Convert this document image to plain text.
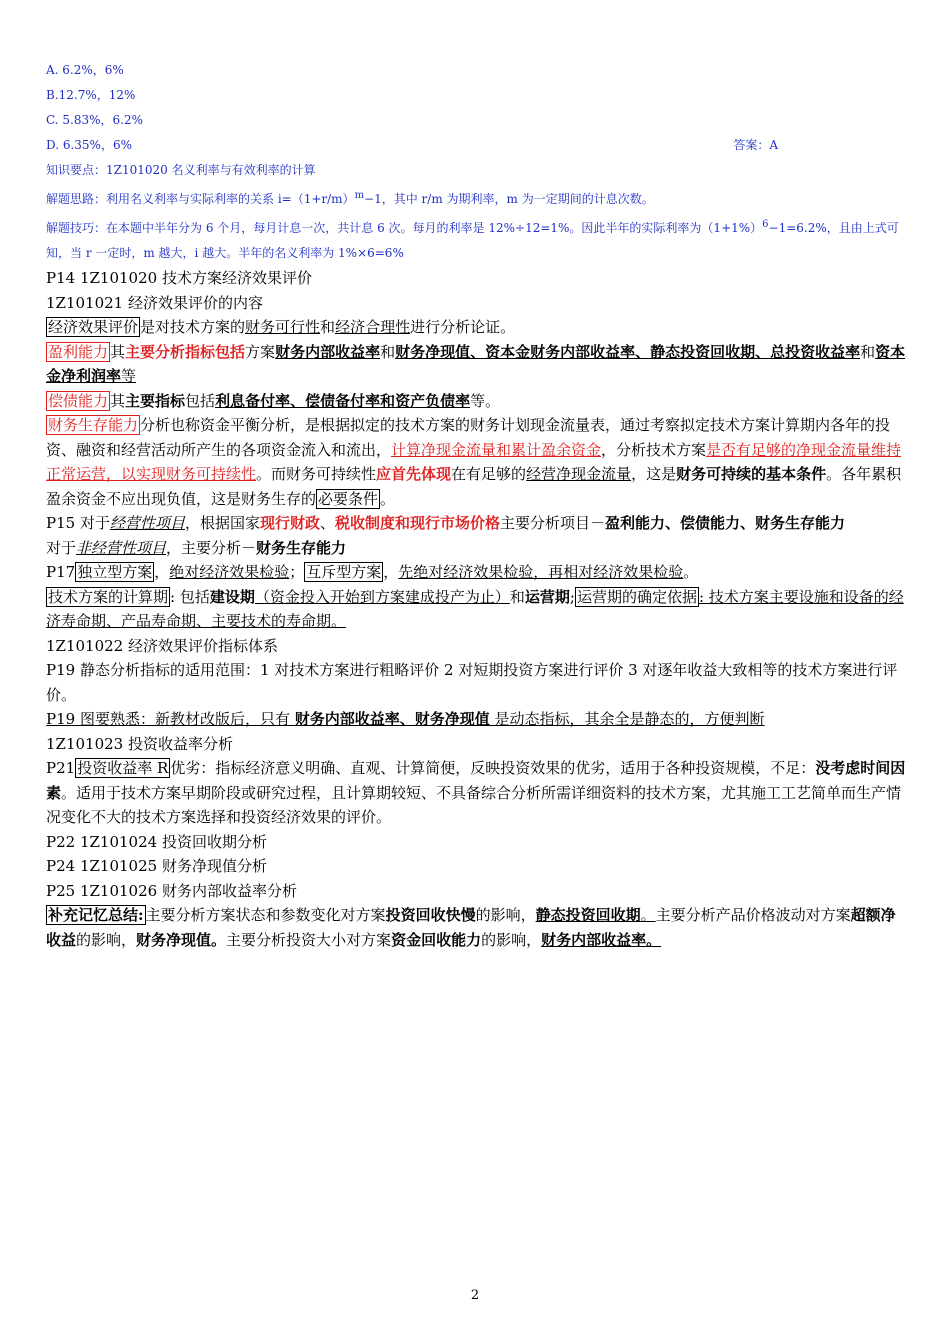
A. 6.2%，6%
B.12.7%，12%
C. 5.83%，6.2%
D. 6.35%，6%	答案：A
知识要点：1Z101020 名义利率与有效利率的计算
解题思路：利用名义利率与实际利率的关系 $i=(1+r/m)^m-1$，其中 r/m 为期利率，m 为一定期间的计息次数。
解题技巧：在本题中半年分为 6 个月，每月计息一次，共计息 6 次。每月的利率是 12%÷12=1%。因此半年的实际利率为$(1+1\%)^6-1=6.2\%$，且由上式可知，当 r 一定时，m 越大，i 越大。半年的名义利率为 1%×6=6%
P14 1Z101020 技术方案经济效果评价
1Z101021 经济效果评价的内容
经济效果评价 是对技术方案的财务可行性和经济合理性进行分析论证。
盈利能力 其主要分析指标包括方案财务内部收益率和财务净现值、资本金财务内部收益率、静态投资回收期、总投资收益率和资本金净利润率等
偿债能力 其主要指标包括利息备付率、偿债备付率和资产负债率等。
财务生存能力 分析也称资金平衡分析，是根据拟定的技术方案的财务计划现金流量表，通过考察拟定技术方案计算期内各年的投资、融资和经营活动所产生的各项资金流入和流出，计算净现金流量和累计盈余资金，分析技术方案是否有足够的净现金流量维持正常运营，以实现财务可持续性。而财务可持续性应首先体现在有足够的经营净现金流量，这是财务可持续的基本条件。各年累积盈余资金不应出现负值，这是财务生存的 必要条件 。
P15 对于经营性项目，根据国家现行财政、税收制度和现行市场价格主要分析项目－盈利能力、偿债能力、财务生存能力
对于非经营性项目，主要分析－财务生存能力
P17 独立型方案 ，绝对经济效果检验； 互斥型方案 ，先绝对经济效果检验，再相对经济效果检验。
技术方案的计算期 : 包括建设期（资金投入开始到方案建成投产为止）和运营期; 运营期的确定依据 : 技术方案主要设施和设备的经济寿命期、产品寿命期、主要技术的寿命期。
1Z101022 经济效果评价指标体系
P19 静态分析指标的适用范围：1 对技术方案进行粗略评价 2 对短期投资方案进行评价 3 对逐年收益大致相等的技术方案进行评价。
P19 图要熟悉：新教材改版后，只有 财务内部收益率、财务净现值 是动态指标，其余全是静态的，方便判断
1Z101023 投资收益率分析
P21 投资收益率 R 优劣：指标经济意义明确、直观、计算简便，反映投资效果的优劣，适用于各种投资规模，不足：没考虑时间因素。适用于技术方案早期阶段或研究过程，且计算期较短、不具备综合分析所需详细资料的技术方案，尤其施工工艺简单而生产情况变化不大的技术方案选择和投资经济效果的评价。
P22 1Z101024 投资回收期分析
P24 1Z101025 财务净现值分析
P25 1Z101026 财务内部收益率分析
补充记忆总结: 主要分析方案状态和参数变化对方案投资回收快慢的影响，静态投资回收期。主要分析产品价格波动对方案超额净收益的影响，财务净现值。主要分析投资大小对方案资金回收能力的影响，财务内部收益率。
2
